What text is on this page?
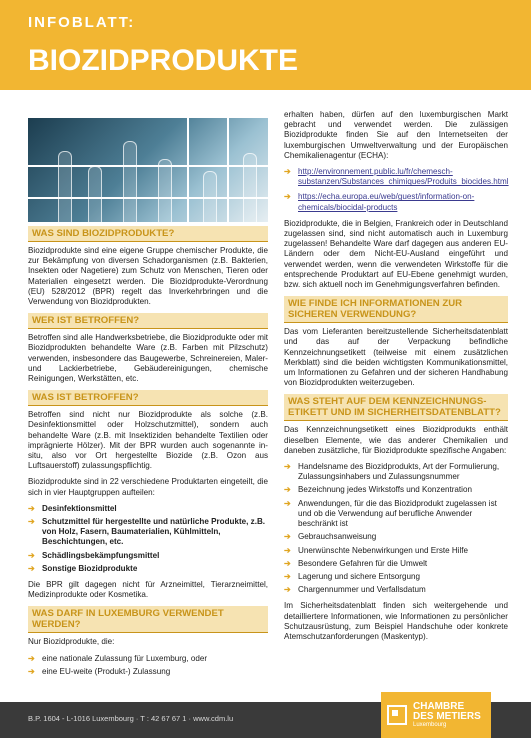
INFOBLATT:
BIOZIDPRODUKTE
WAS SIND BIOZIDPRODUKTE?

Biozidprodukte sind eine eigene Gruppe chemischer Produkte, die zur Bekämpfung von diversen Schadorganismen (z.B. Bakterien, Insekten oder Nagetiere) zum Schutz von Menschen, Tieren oder Materialien eingesetzt werden. Die Biozidprodukte-Verordnung (EU) 528/2012 (BPR) regelt das Inverkehrbringen und die Verwendung von Biozidprodukten.

WER IST BETROFFEN?

Betroffen sind alle Handwerksbetriebe, die Biozidprodukte oder mit Biozidprodukten behandelte Ware (z.B. Farben mit Pilzschutz) verwenden, insbesondere das Baugewerbe, Schreinereien, Maler- und Lackierbetriebe, Gebäudereinigungen, chemische Reinigungen, Werkstätten, etc.

WAS IST BETROFFEN?

Betroffen sind nicht nur Biozidprodukte als solche (z.B. Desinfektionsmittel oder Holzschutzmittel), sondern auch behandelte Ware (z.B. mit Insektiziden behandelte Textilien oder imprägnierte Hölzer). Mit der BPR wurden auch sogenannte in-situ, also vor Ort hergestellte Biozide (z.B. Ozon aus Luftsauerstoff) zulassungspflichtig.

Biozidprodukte sind in 22 verschiedene Produktarten eingeteilt, die sich in vier Hauptgruppen aufteilen:

➔ Desinfektionsmittel
➔ Schutzmittel für hergestellte und natürliche Produkte, z.B. von Holz, Fasern, Baumaterialien, Kühlmitteln, Beschichtungen, etc.
➔ Schädlingsbekämpfungsmittel
➔ Sonstige Biozidprodukte

Die BPR gilt dagegen nicht für Arzneimittel, Tierarzneimittel, Medizinprodukte oder Kosmetika.

WAS DARF IN LUXEMBURG VERWENDET WERDEN?

Nur Biozidprodukte, die:

➔ eine nationale Zulassung für Luxemburg, oder
➔ eine EU-weite (Produkt-) Zulassung

erhalten haben, dürfen auf den luxemburgischen Markt gebracht und verwendet werden. Die zulässigen Biozidprodukte finden Sie auf den Internetseiten der luxemburgischen Umweltverwaltung und der Europäischen Chemikalienagentur (ECHA):

➔ http://environnement.public.lu/fr/chemesch-substanzen/Substances_chimiques/Produits_biocides.html
➔ https://echa.europa.eu/web/guest/information-on-chemicals/biocidal-products

Biozidprodukte, die in Belgien, Frankreich oder in Deutschland zugelassen sind, sind nicht automatisch auch in Luxemburg zugelassen! Behandelte Ware darf dagegen aus anderen EU-Ländern oder dem Nicht-EU-Ausland eingeführt und verwendet werden, wenn die verwendeten Wirkstoffe für die entsprechende Produktart auf EU-Ebene genehmigt wurden, bzw. sich aktuell noch im Genehmigungsverfahren befinden.

WIE FINDE ICH INFORMATIONEN ZUR SICHEREN VERWENDUNG?

Das vom Lieferanten bereitzustellende Sicherheitsdatenblatt und das auf der Verpackung befindliche Kennzeichnungsetikett (teilweise mit einem zusätzlichen Merkblatt) sind die beiden wichtigsten Kommunikationsmittel, um Informationen zu Gefahren und der sicheren Handhabung von Biozidprodukten weiterzugeben.

WAS STEHT AUF DEM KENNZEICHNUNGS-ETIKETT UND IM SICHERHEITSDATENBLATT?

Das Kennzeichnungsetikett eines Biozidprodukts enthält dieselben Elemente, wie das anderer Chemikalien und daneben zusätzliche, für Biozidprodukte spezifische Angaben:

➔ Handelsname des Biozidprodukts, Art der Formulierung, Zulassungsinhabers und Zulassungsnummer
➔ Bezeichnung jedes Wirkstoffs und Konzentration
➔ Anwendungen, für die das Biozidprodukt zugelassen ist und ob die Verwendung auf berufliche Anwender beschränkt ist
➔ Gebrauchsanweisung
➔ Unerwünschte Nebenwirkungen und Erste Hilfe
➔ Besondere Gefahren für die Umwelt
➔ Lagerung und sichere Entsorgung
➔ Chargennummer und Verfallsdatum

Im Sicherheitsdatenblatt finden sich weitergehende und detailliertere Informationen, wie Informationen zu persönlicher Schutzausrüstung, zum Beispiel Handschuhe oder konkrete Atemschutzanforderungen (Maskentyp).

B.P. 1604 - L-1016 Luxembourg · T : 42 67 67 1 · www.cdm.lu
CHAMBRE
DES METIERS
Luxembourg
